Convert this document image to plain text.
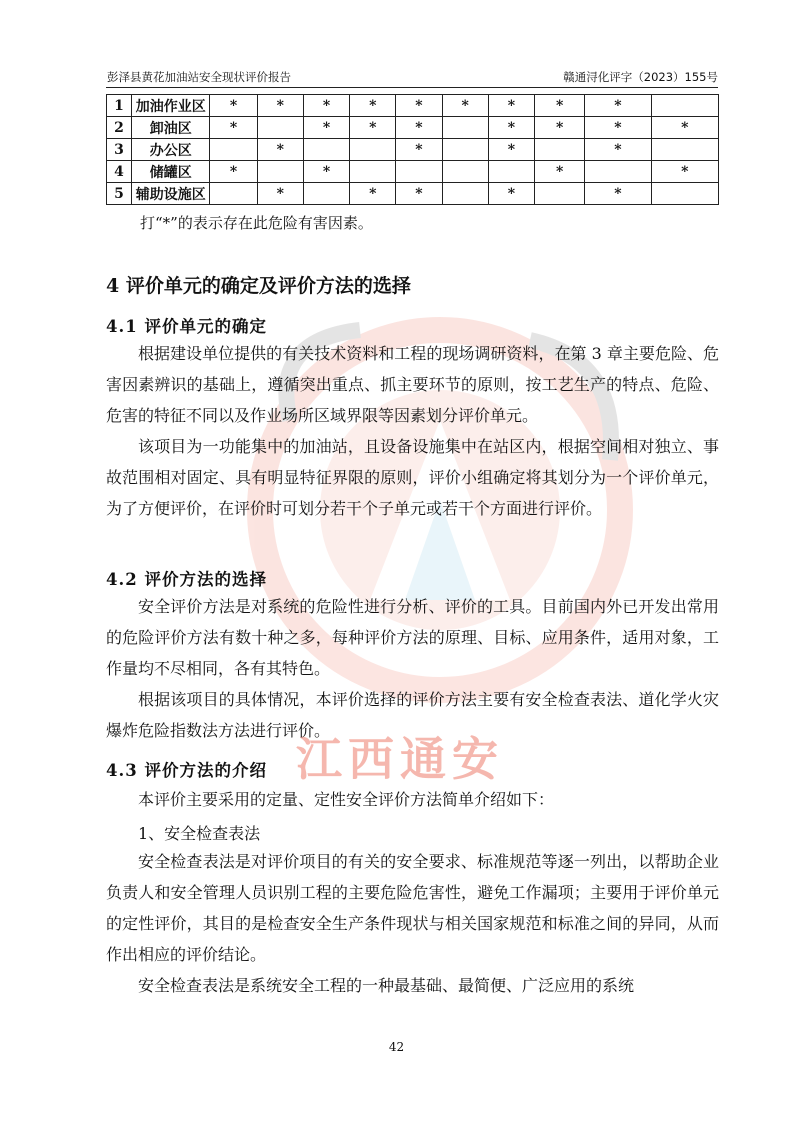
彭泽县黄花加油站安全现状评价报告	赣通浔化评字（2023）155号
1	加油作业区	*	*	*	*	*	*	*	*	*	
2	卸油区	*		*	*	*		*	*	*	*
3	办公区		*			*		*		*	
4	储罐区	*		*					*		*
5	辅助设施区		*		*	*		*		*	
打“*”的表示存在此危险有害因素。
江西通安
4 评价单元的确定及评价方法的选择
4.1 评价单元的确定

根据建设单位提供的有关技术资料和工程的现场调研资料，在第 3 章主要危险、危害因素辨识的基础上，遵循突出重点、抓主要环节的原则，按工艺生产的特点、危险、危害的特征不同以及作业场所区域界限等因素划分评价单元。

该项目为一功能集中的加油站，且设备设施集中在站区内，根据空间相对独立、事故范围相对固定、具有明显特征界限的原则，评价小组确定将其划分为一个评价单元，为了方便评价，在评价时可划分若干个子单元或若干个方面进行评价。

4.2 评价方法的选择

安全评价方法是对系统的危险性进行分析、评价的工具。目前国内外已开发出常用的危险评价方法有数十种之多，每种评价方法的原理、目标、应用条件，适用对象，工作量均不尽相同，各有其特色。

根据该项目的具体情况，本评价选择的评价方法主要有安全检查表法、道化学火灾爆炸危险指数法方法进行评价。

4.3 评价方法的介绍

本评价主要采用的定量、定性安全评价方法简单介绍如下：

1、安全检查表法

安全检查表法是对评价项目的有关的安全要求、标准规范等逐一列出，以帮助企业负责人和安全管理人员识别工程的主要危险危害性，避免工作漏项；主要用于评价单元的定性评价，其目的是检查安全生产条件现状与相关国家规范和标准之间的异同，从而作出相应的评价结论。

安全检查表法是系统安全工程的一种最基础、最简便、广泛应用的系统

42
